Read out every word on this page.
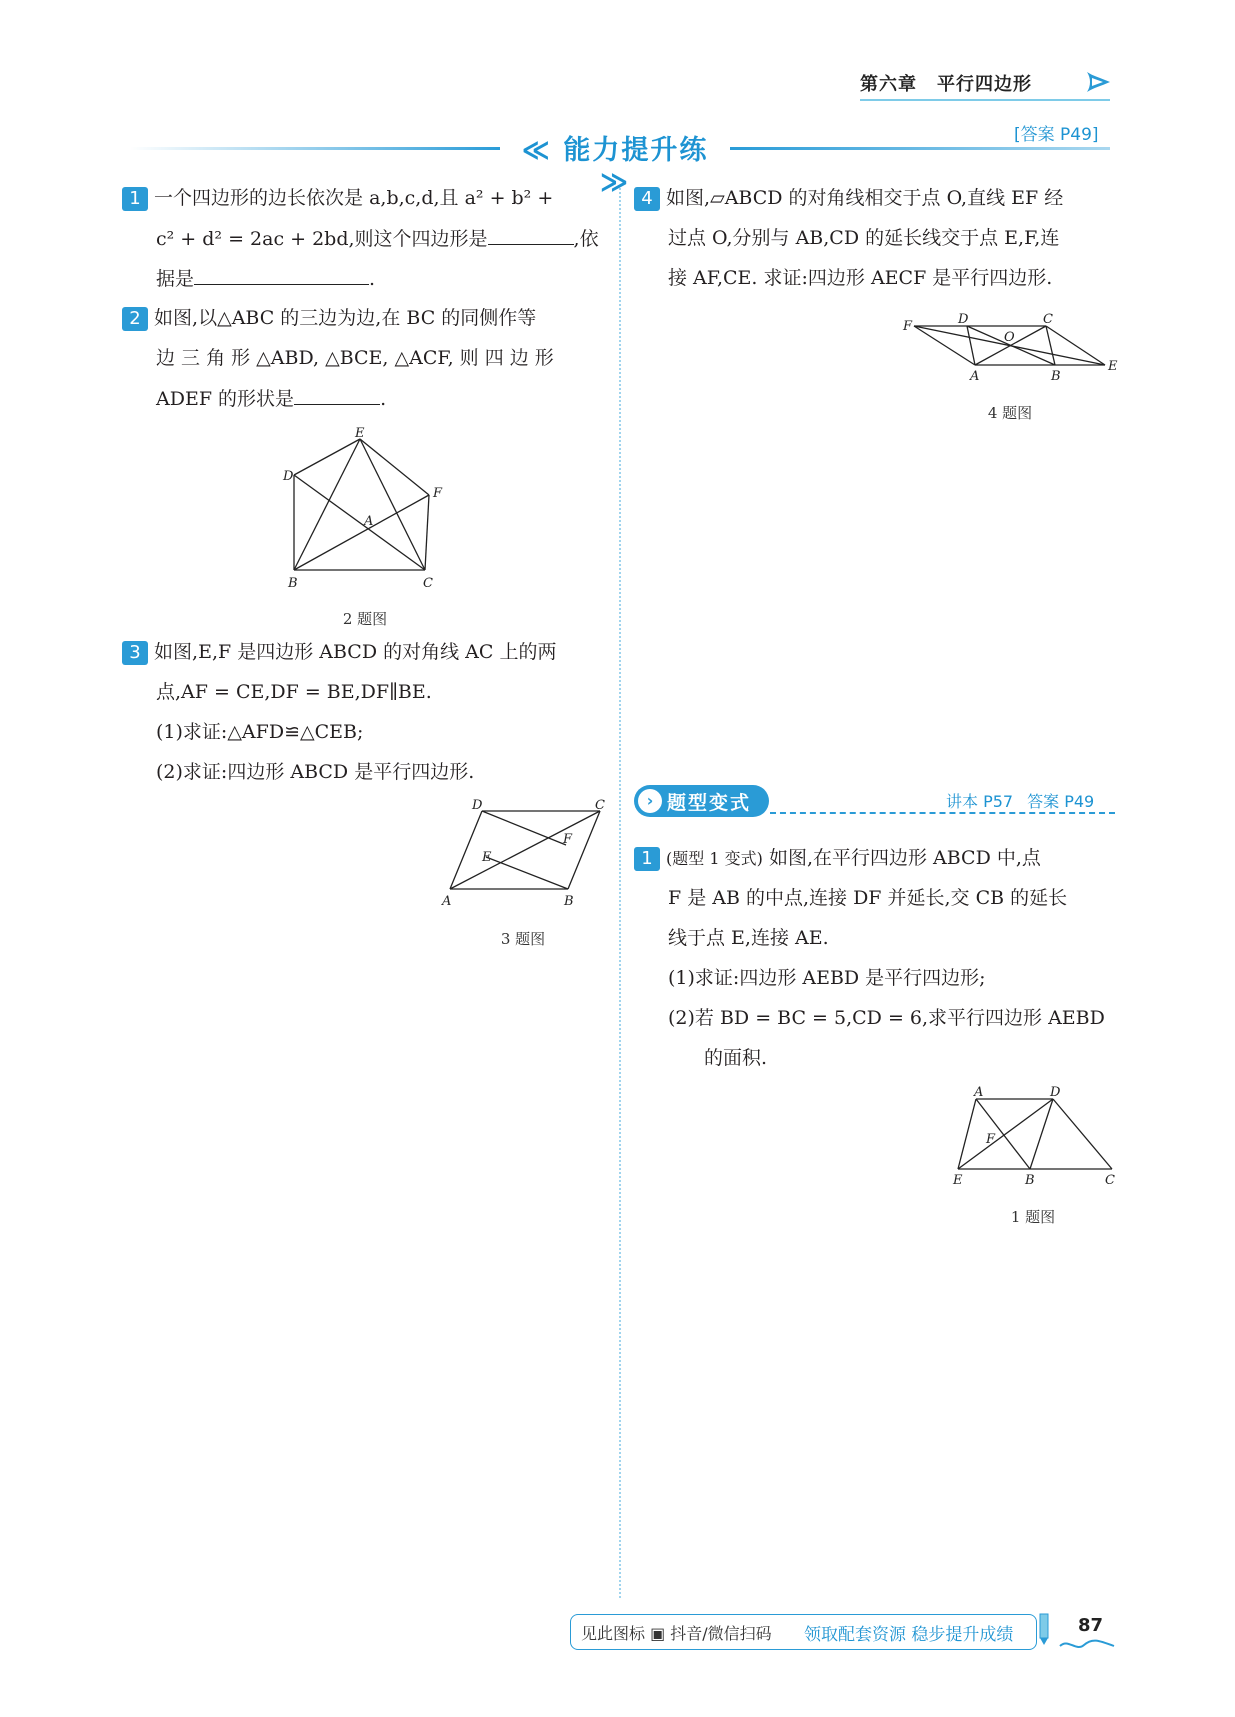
第六章 平行四边形
[答案 P49]
≪ 能力提升练 ≫
1 一个四边形的边长依次是 a,b,c,d,且 a² + b² +
c² + d² = 2ac + 2bd,则这个四边形是	,依
据是	.
2 如图,以△ABC 的三边为边,在 BC 的同侧作等
边 三 角 形 △ABD, △BCE, △ACF, 则 四 边 形
ADEF 的形状是	.
E
D
F
A
B	C
2 题图
3 如图,E,F 是四边形 ABCD 的对角线 AC 上的两
点,AF = CE,DF = BE,DF∥BE.
(1)求证:△AFD≌△CEB;
(2)求证:四边形 ABCD 是平行四边形.
D	C
F
E
A	B
3 题图
4 如图,▱ABCD 的对角线相交于点 O,直线 EF 经
过点 O,分别与 AB,CD 的延长线交于点 E,F,连
接 AF,CE. 求证:四边形 AECF 是平行四边形.
F	D	C
O
A	B
E
4 题图
› 题型变式	讲本 P57 答案 P49
1 (题型 1 变式) 如图,在平行四边形 ABCD 中,点
F 是 AB 的中点,连接 DF 并延长,交 CB 的延长
线于点 E,连接 AE.
(1)求证:四边形 AEBD 是平行四边形;
(2)若 BD = BC = 5,CD = 6,求平行四边形 AEBD
的面积.
A	D
F
E	B	C
1 题图
见此图标 ▣ 抖音/微信扫码 领取配套资源 稳步提升成绩	87
